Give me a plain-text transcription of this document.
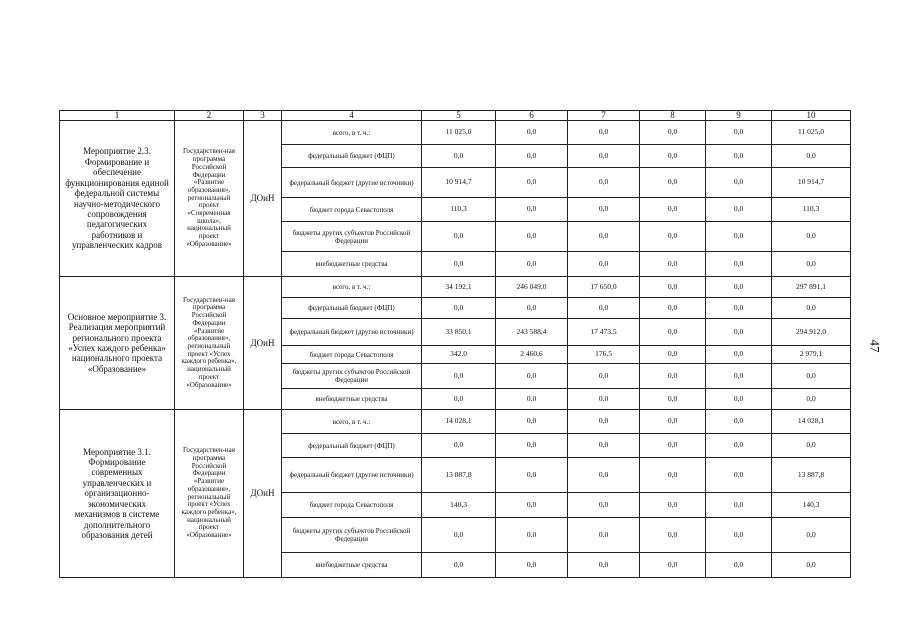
1	2	3	4	5	6	7	8	9	10
Мероприятие 2.3. Формирование и обеспечение функционирования единой федеральной системы научно-методического сопровождения педагогических работников и управленческих кадров	Государствен-ная программа Российской Федерации «Развитие образования», региональный проект «Современная школа», национальный проект «Образование»	ДОиН	всего, в т. ч.:	11 025,0	0,0	0,0	0,0	0,0	11 025,0
			федеральный бюджет (ФЦП)	0,0	0,0	0,0	0,0	0,0	0,0
			федеральный бюджет (другие источники)	10 914,7	0,0	0,0	0,0	0,0	10 914,7
			бюджет города Севастополя	110,3	0,0	0,0	0,0	0,0	110,3
			бюджеты других субъектов Российской Федерации	0,0	0,0	0,0	0,0	0,0	0,0
			внебюджетные средства	0,0	0,0	0,0	0,0	0,0	0,0
Основное мероприятие 3. Реализация мероприятий регионального проекта «Успех каждого ребенка» национального проекта «Образование»	Государствен-ная программа Российской Федерации «Развитие образования», региональный проект «Успех каждого ребенка», национальный проект «Образование»	ДОиН	всего, в т. ч.:	34 192,1	246 049,0	17 650,0	0,0	0,0	297 891,1
			федеральный бюджет (ФЦП)	0,0	0,0	0,0	0,0	0,0	0,0
			федеральный бюджет (другие источники)	33 850,1	243 588,4	17 473,5	0,0	0,0	294 912,0
			бюджет города Севастополя	342,0	2 460,6	176,5	0,0	0,0	2 979,1
			бюджеты других субъектов Российской Федерации	0,0	0,0	0,0	0,0	0,0	0,0
			внебюджетные средства	0,0	0,0	0,0	0,0	0,0	0,0
Мероприятие 3.1. Формирование современных управленческих и организационно-экономических механизмов в системе дополнительного образования детей	Государствен-ная программа Российской Федерации «Развитие образования», региональный проект «Успех каждого ребенка», национальный проект «Образование»	ДОиН	всего, в т. ч.:	14 028,1	0,0	0,0	0,0	0,0	14 028,1
			федеральный бюджет (ФЦП)	0,0	0,0	0,0	0,0	0,0	0,0
			федеральный бюджет (другие источники)	13 887,8	0,0	0,0	0,0	0,0	13 887,8
			бюджет города Севастополя	140,3	0,0	0,0	0,0	0,0	140,3
			бюджеты других субъектов Российской Федерации	0,0	0,0	0,0	0,0	0,0	0,0
			внебюджетные средства	0,0	0,0	0,0	0,0	0,0	0,0
47
